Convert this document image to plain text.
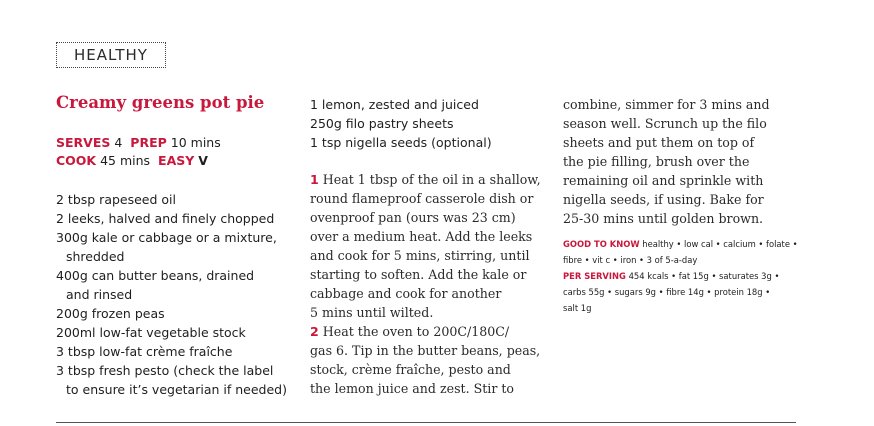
HEALTHY
Creamy greens pot pie
SERVES 4 PREP 10 mins
COOK 45 mins EASY V
2 tbsp rapeseed oil
2 leeks, halved and finely chopped
300g kale or cabbage or a mixture,
shredded
400g can butter beans, drained
and rinsed
200g frozen peas
200ml low-fat vegetable stock
3 tbsp low-fat crème fraîche
3 tbsp fresh pesto (check the label
to ensure it’s vegetarian if needed)
1 lemon, zested and juiced
250g filo pastry sheets
1 tsp nigella seeds (optional)
1 Heat 1 tbsp of the oil in a shallow,
round flameproof casserole dish or
ovenproof pan (ours was 23 cm)
over a medium heat. Add the leeks
and cook for 5 mins, stirring, until
starting to soften. Add the kale or
cabbage and cook for another
5 mins until wilted.
2 Heat the oven to 200C/180C/
gas 6. Tip in the butter beans, peas,
stock, crème fraîche, pesto and
the lemon juice and zest. Stir to
combine, simmer for 3 mins and
season well. Scrunch up the filo
sheets and put them on top of
the pie filling, brush over the
remaining oil and sprinkle with
nigella seeds, if using. Bake for
25-30 mins until golden brown.
GOOD TO KNOW healthy • low cal • calcium • folate •
fibre • vit c • iron • 3 of 5-a-day
PER SERVING 454 kcals • fat 15g • saturates 3g •
carbs 55g • sugars 9g • fibre 14g • protein 18g •
salt 1g
